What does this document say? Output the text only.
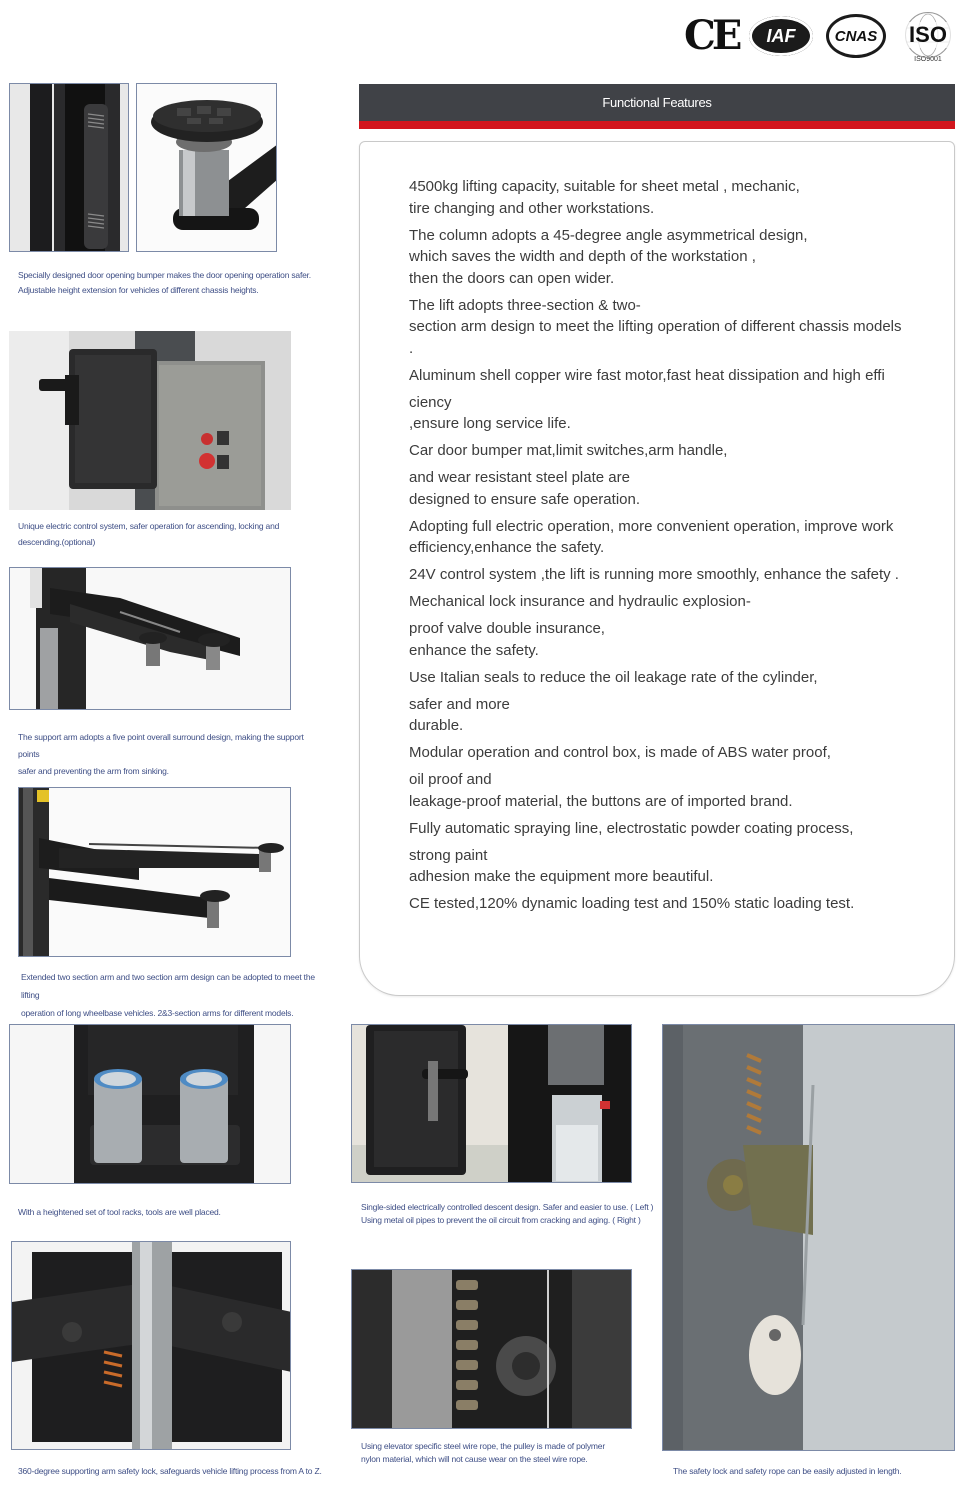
CE IAF	CNAS	ISO
ISO9001
Specially designed door opening bumper makes the door opening operation safer.
Adjustable height extension for vehicles of different chassis heights.
Unique electric control system, safer operation for ascending, locking and
descending.(optional)
The support arm adopts a five point overall surround design, making the support points
safer and preventing the arm from sinking.
Extended two section arm and two section arm design can be adopted to meet the lifting
operation of long wheelbase vehicles. 2&3-section arms for different models.
With a heightened set of tool racks, tools are well placed.
360-degree supporting arm safety lock, safeguards vehicle lifting process from A to Z.
Single-sided electrically controlled descent design. Safer and easier to use. ( Left )
Using metal oil pipes to prevent the oil circuit from cracking and aging. ( Right )
Using elevator specific steel wire rope, the pulley is made of polymer
nylon material, which will not cause wear on the steel wire rope.
The safety lock and safety rope can be easily adjusted in length.
Functional Features

4500kg lifting capacity, suitable for sheet metal , mechanic,
tire changing and other workstations.

The column adopts a 45-degree angle asymmetrical design,
which saves the width and depth of the workstation ,
then the doors can open wider.

The lift adopts three-section & two-
section arm design to meet the lifting operation of different chassis models
.

Aluminum shell copper wire fast motor,fast heat dissipation and high effi
ciency
,ensure long service life.

Car door bumper mat,limit switches,arm handle,
and wear resistant steel plate are
designed to ensure safe operation.

Adopting full electric operation, more convenient operation, improve work
efficiency,enhance the safety.

24V control system ,the lift is running more smoothly, enhance the safety .

Mechanical lock insurance and hydraulic explosion-
proof valve double insurance,
enhance the safety.

Use Italian seals to reduce the oil leakage rate of the cylinder,
safer and more
durable.

Modular operation and control box, is made of ABS water proof,
oil proof and
leakage-proof material, the buttons are of imported brand.

Fully automatic spraying line, electrostatic powder coating process,
strong paint
adhesion make the equipment more beautiful.

CE tested,120% dynamic loading test and 150% static loading test.
